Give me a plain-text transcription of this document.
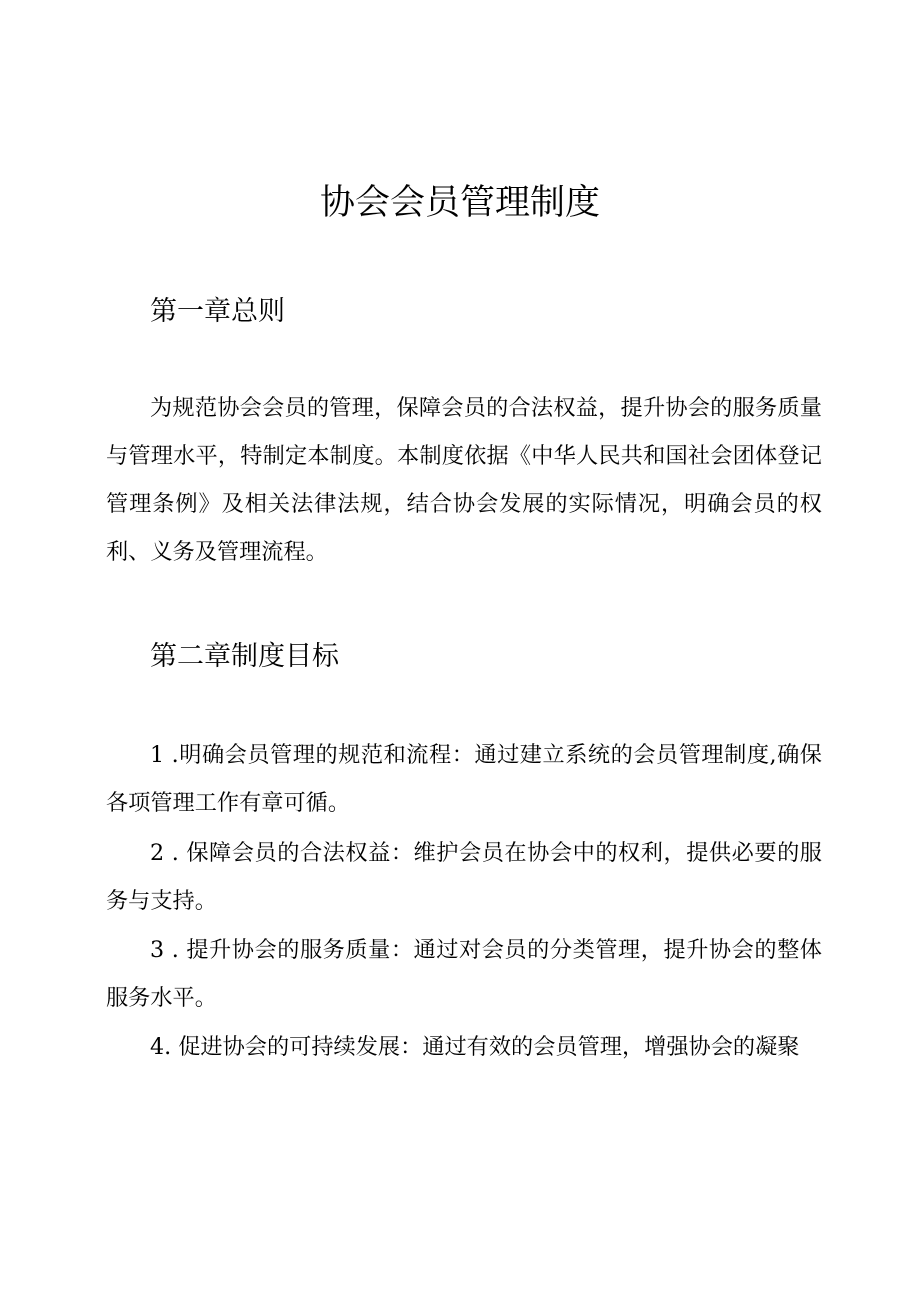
协会会员管理制度
第一章总则

为规范协会会员的管理，保障会员的合法权益，提升协会的服务质量与管理水平，特制定本制度。本制度依据《中华人民共和国社会团体登记管理条例》及相关法律法规，结合协会发展的实际情况，明确会员的权利、义务及管理流程。

第二章制度目标

1 .明确会员管理的规范和流程：通过建立系统的会员管理制度,确保各项管理工作有章可循。

2 . 保障会员的合法权益：维护会员在协会中的权利，提供必要的服务与支持。

3 . 提升协会的服务质量：通过对会员的分类管理，提升协会的整体服务水平。

4. 促进协会的可持续发展：通过有效的会员管理，增强协会的凝聚
